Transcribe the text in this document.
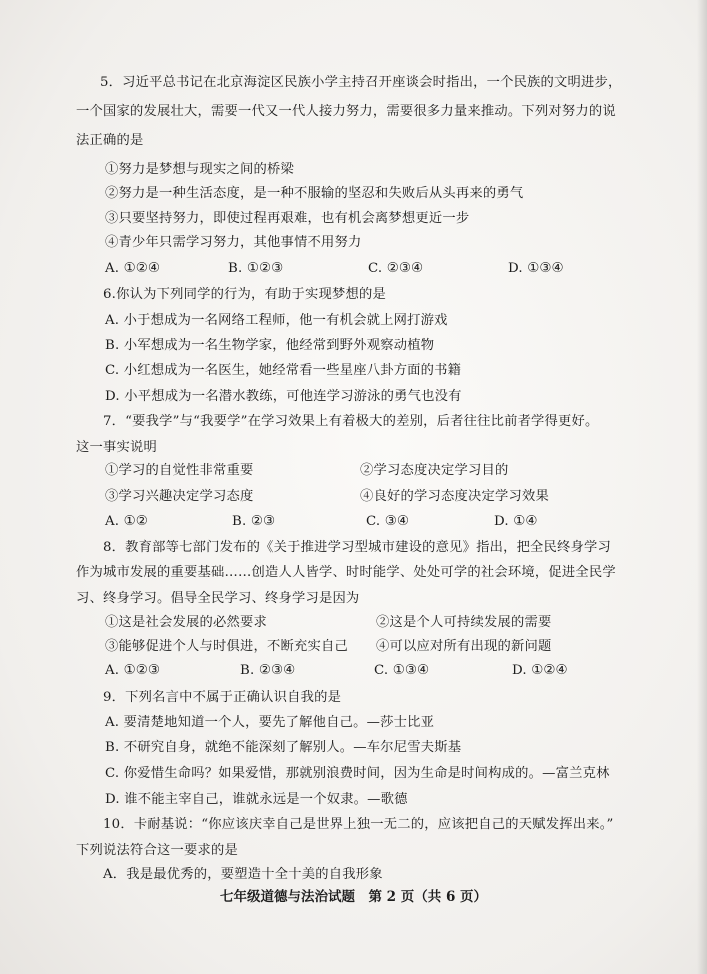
5．习近平总书记在北京海淀区民族小学主持召开座谈会时指出，一个民族的文明进步，
一个国家的发展壮大，需要一代又一代人接力努力，需要很多力量来推动。下列对努力的说
法正确的是
①努力是梦想与现实之间的桥梁
②努力是一种生活态度，是一种不服输的坚忍和失败后从头再来的勇气
③只要坚持努力，即使过程再艰难，也有机会离梦想更近一步
④青少年只需学习努力，其他事情不用努力
A. ①②④	B. ①②③	C. ②③④	D. ①③④
6.你认为下列同学的行为，有助于实现梦想的是
A. 小于想成为一名网络工程师，他一有机会就上网打游戏
B. 小军想成为一名生物学家，他经常到野外观察动植物
C. 小红想成为一名医生，她经常看一些星座八卦方面的书籍
D. 小平想成为一名潜水教练，可他连学习游泳的勇气也没有
7．“要我学”与“我要学”在学习效果上有着极大的差别，后者往往比前者学得更好。
这一事实说明
①学习的自觉性非常重要	②学习态度决定学习目的
③学习兴趣决定学习态度	④良好的学习态度决定学习效果
A. ①②	B. ②③	C. ③④	D. ①④
8．教育部等七部门发布的《关于推进学习型城市建设的意见》指出，把全民终身学习
作为城市发展的重要基础……创造人人皆学、时时能学、处处可学的社会环境，促进全民学
习、终身学习。倡导全民学习、终身学习是因为
①这是社会发展的必然要求	②这是个人可持续发展的需要
③能够促进个人与时俱进，不断充实自己 ④可以应对所有出现的新问题
A. ①②③	B. ②③④	C. ①③④	D. ①②④
9．下列名言中不属于正确认识自我的是
A. 要清楚地知道一个人，要先了解他自己。—莎士比亚
B. 不研究自身，就绝不能深刻了解别人。—车尔尼雪夫斯基
C. 你爱惜生命吗？如果爱惜，那就别浪费时间，因为生命是时间构成的。—富兰克林
D. 谁不能主宰自己，谁就永远是一个奴隶。—歌德
10．卡耐基说：“你应该庆幸自己是世界上独一无二的，应该把自己的天赋发挥出来。”
下列说法符合这一要求的是
A．我是最优秀的，要塑造十全十美的自我形象
七年级道德与法治试题　第 2 页（共 6 页）
